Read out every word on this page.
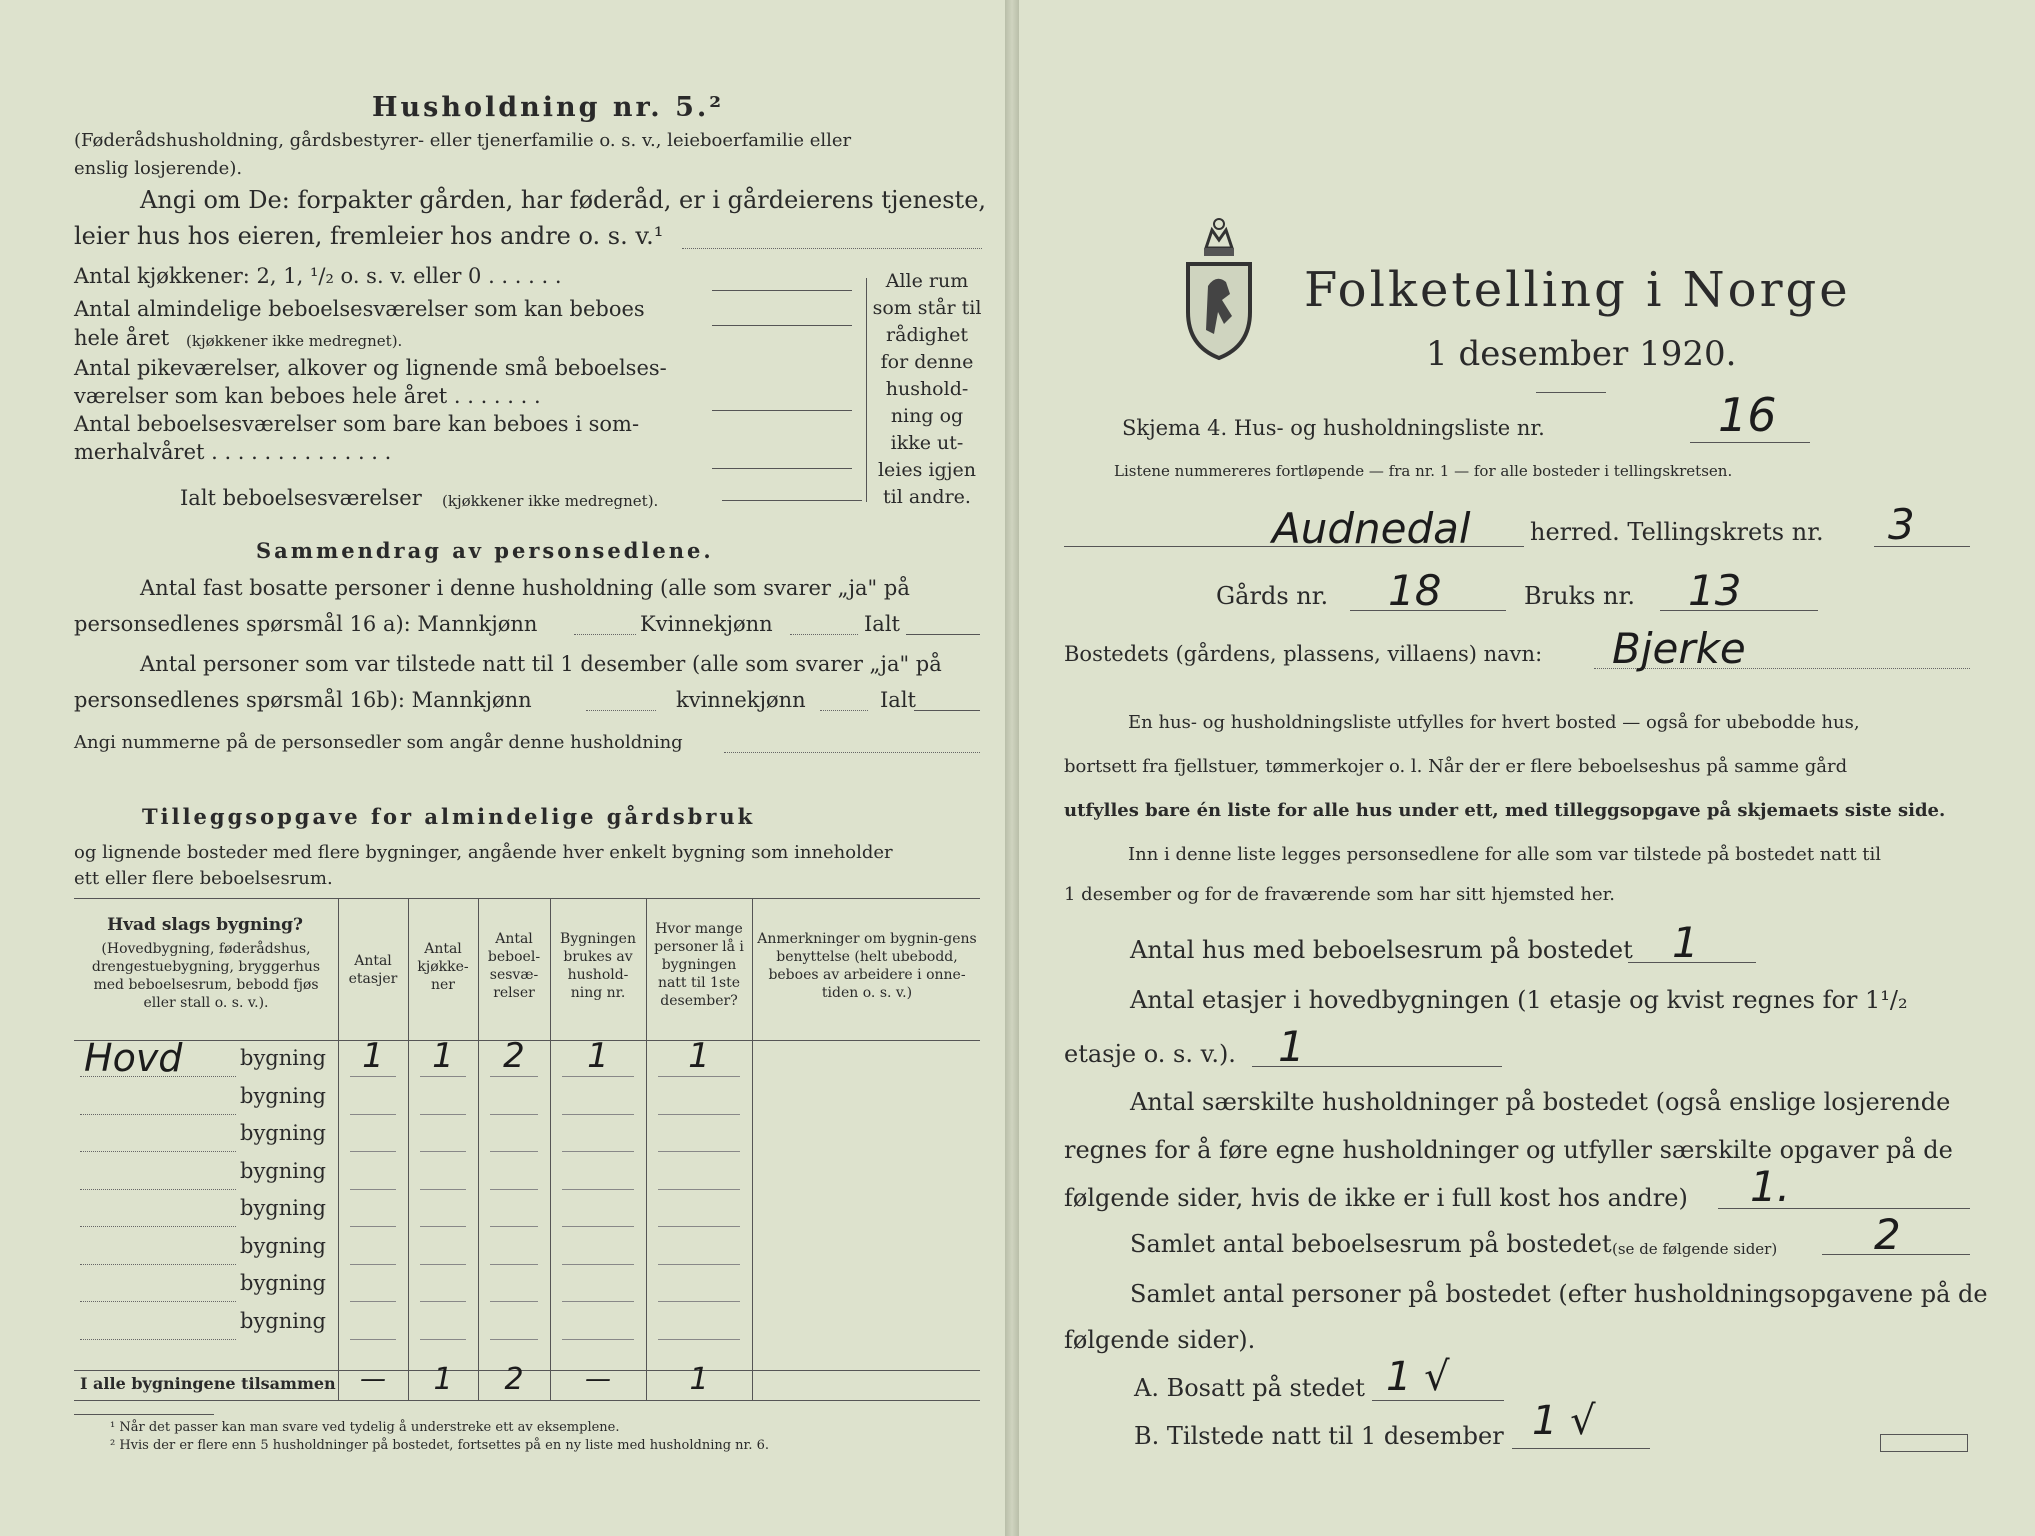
Husholdning nr. 5.²
(Føderådshusholdning, gårdsbestyrer- eller tjenerfamilie o. s. v., leieboerfamilie eller
enslig losjerende).
Angi om De: forpakter gården, har føderåd, er i gårdeierens tjeneste,
leier hus hos eieren, fremleier hos andre o. s. v.¹
Antal kjøkkener: 2, 1, ¹/₂ o. s. v. eller 0 . . . . . .
Antal almindelige beboelsesværelser som kan beboes
hele året (kjøkkener ikke medregnet).
Antal pikeværelser, alkover og lignende små beboelses-
værelser som kan beboes hele året . . . . . . .
Antal beboelsesværelser som bare kan beboes i som-
merhalvåret . . . . . . . . . . . . . .
Ialt beboelsesværelser (kjøkkener ikke medregnet).
Alle rum
som står til
rådighet
for denne
hushold-
ning og
ikke ut-
leies igjen
til andre.
Sammendrag av personsedlene.
Antal fast bosatte personer i denne husholdning (alle som svarer „ja" på
personsedlenes spørsmål 16 a): Mannkjønn	Kvinnekjønn	Ialt
Antal personer som var tilstede natt til 1 desember (alle som svarer „ja" på
personsedlenes spørsmål 16b): Mannkjønn	kvinnekjønn	Ialt
Angi nummerne på de personsedler som angår denne husholdning
Tilleggsopgave for almindelige gårdsbruk
og lignende bosteder med flere bygninger, angående hver enkelt bygning som inneholder
ett eller flere beboelsesrum.
Hvad slags bygning?
(Hovedbygning, føderådshus, drengestuebygning, bryggerhus med beboelsesrum, bebodd fjøs eller stall o. s. v.).
Antal etasjer
Antal kjøkke-ner
Antal beboel-sesvæ-relser
Bygningen brukes av hushold-ning nr.
Hvor mange personer lå i bygningen natt til 1ste desember?
Anmerkninger om bygnin-gens benyttelse (helt ubebodd, beboes av arbeidere i onne-tiden o. s. v.)
Hovd	bygning	1	1	2	1	1
bygning
bygning
bygning
bygning
bygning
bygning
bygning
I alle bygningene tilsammen —	1	2	—	1
¹ Når det passer kan man svare ved tydelig å understreke ett av eksemplene.
² Hvis der er flere enn 5 husholdninger på bostedet, fortsettes på en ny liste med husholdning nr. 6.
Folketelling i Norge
1 desember 1920.
Skjema 4. Hus- og husholdningsliste nr.	16
Listene nummereres fortløpende — fra nr. 1 — for alle bosteder i tellingskretsen.
Audnedal herred. Tellingskrets nr. 3
Gårds nr. 18	Bruks nr. 13
Bostedets (gårdens, plassens, villaens) navn: Bjerke
En hus- og husholdningsliste utfylles for hvert bosted — også for ubebodde hus,
bortsett fra fjellstuer, tømmerkojer o. l. Når der er flere beboelseshus på samme gård
utfylles bare én liste for alle hus under ett, med tilleggsopgave på skjemaets siste side.
Inn i denne liste legges personsedlene for alle som var tilstede på bostedet natt til
1 desember og for de fraværende som har sitt hjemsted her.
Antal hus med beboelsesrum på bostedet 1
Antal etasjer i hovedbygningen (1 etasje og kvist regnes for 1¹/₂
etasje o. s. v.). 1
Antal særskilte husholdninger på bostedet (også enslige losjerende
regnes for å føre egne husholdninger og utfyller særskilte opgaver på de
følgende sider, hvis de ikke er i full kost hos andre) 1.
Samlet antal beboelsesrum på bostedet (se de følgende sider) 2
Samlet antal personer på bostedet (efter husholdningsopgavene på de
følgende sider).
A. Bosatt på stedet 1 √
B. Tilstede natt til 1 desember 1 √
